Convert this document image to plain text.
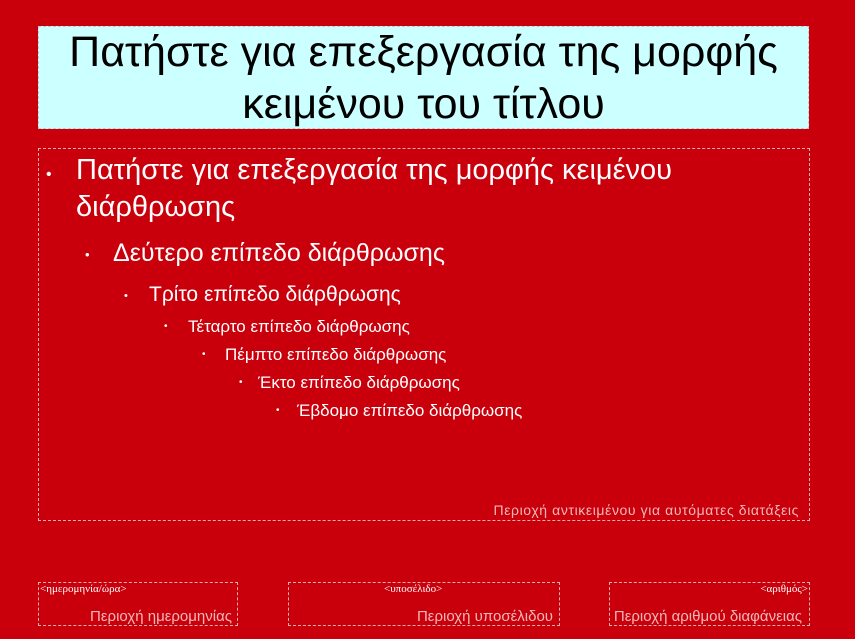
Πατήστε για επεξεργασία της μορφής κειμένου του τίτλου
• Πατήστε για επεξεργασία της μορφής κειμένου διάρθρωσης
• Δεύτερο επίπεδο διάρθρωσης
• Τρίτο επίπεδο διάρθρωσης
• Τέταρτο επίπεδο διάρθρωσης
• Πέμπτο επίπεδο διάρθρωσης
• Έκτο επίπεδο διάρθρωσης
• Έβδομο επίπεδο διάρθρωσης
Περιοχή αντικειμένου για αυτόματες διατάξεις
<ημερομηνία/ώρα>
Περιοχή ημερομηνίας
<υποσέλιδο>
Περιοχή υποσέλιδου
<αριθμός>
Περιοχή αριθμού διαφάνειας
